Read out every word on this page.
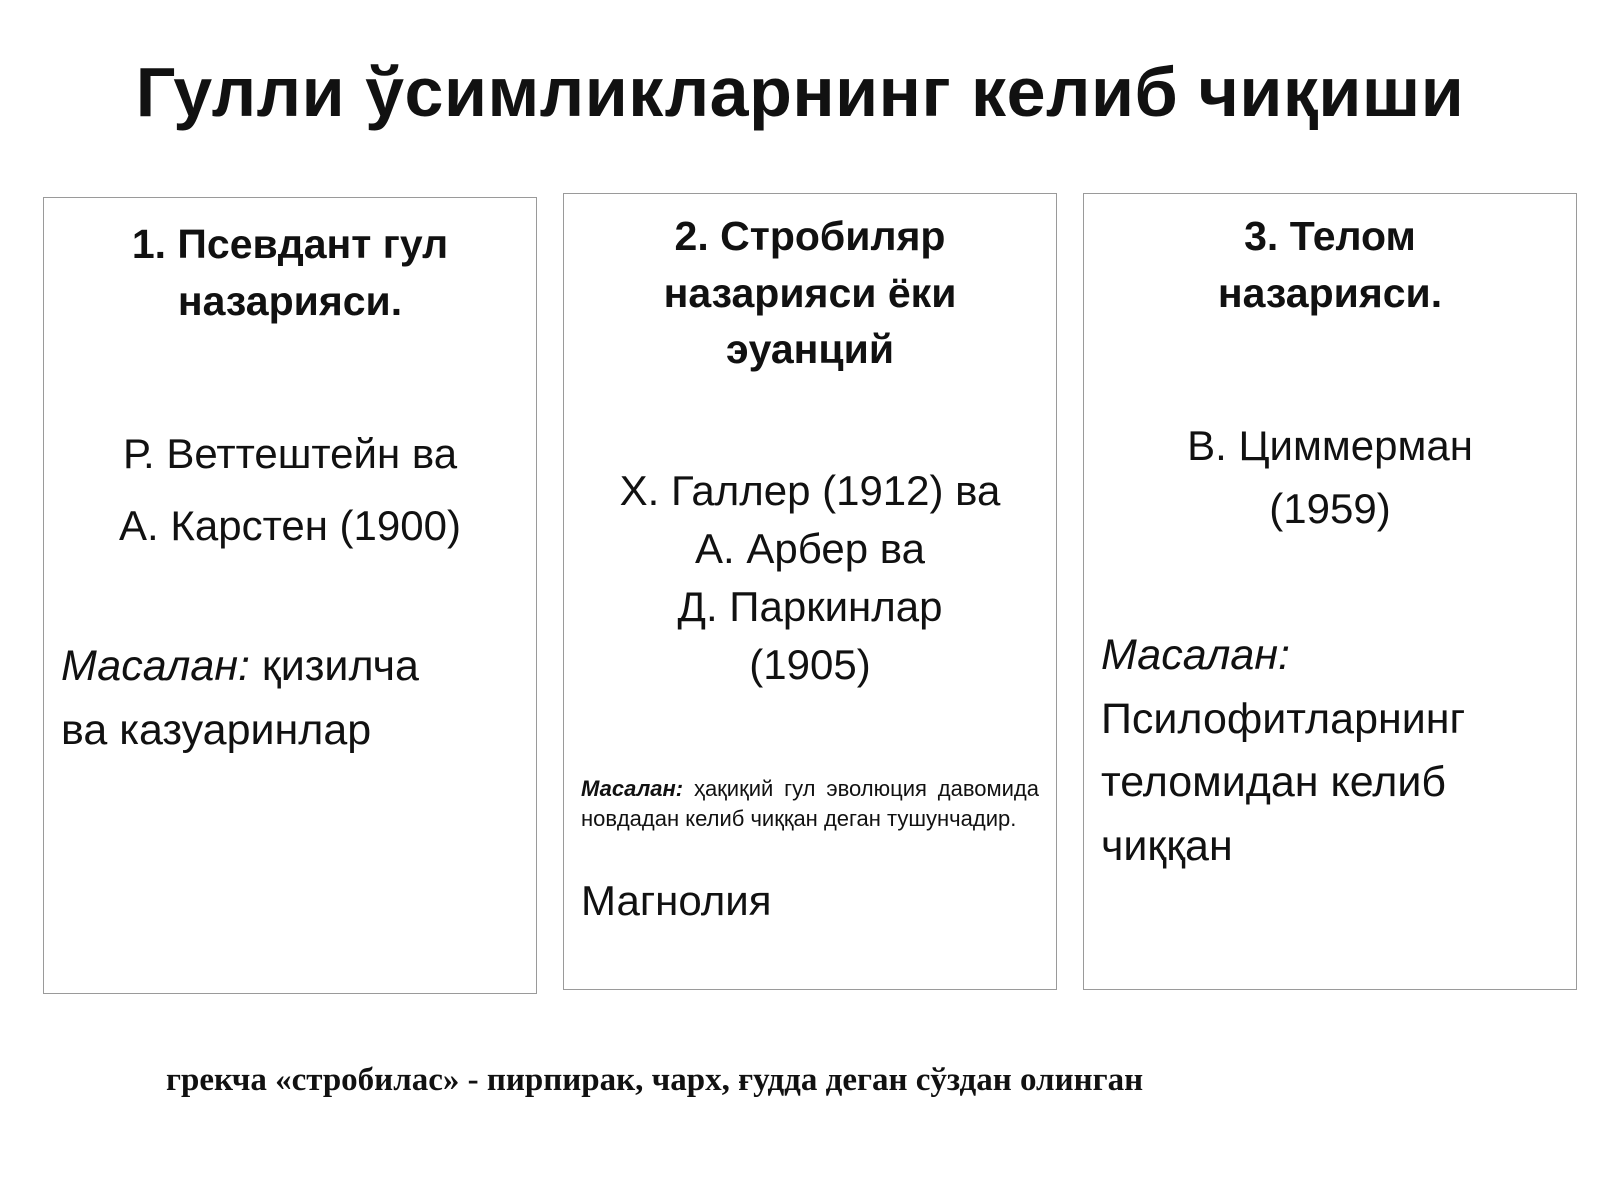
Гулли ўсимликларнинг келиб чиқиши
1. Псевдант гул
назарияси.
Р. Веттештейн ва
А. Карстен (1900)
Масалан: қизилча
ва казуаринлар
2. Стробиляр
назарияси ёки
эуанций
Х. Галлер (1912) ва
А. Арбер ва
Д. Паркинлар
(1905)
Масалан: ҳақиқий гул эволюция давомида новдадан келиб чиққан деган тушунчадир.
Магнолия
3. Телом
назарияси.
В. Циммерман
(1959)
Масалан:
Псилофитларнинг
теломидан келиб
чиққан
грекча «стробилас» - пирпирак, чарх, ғудда деган сўздан олинган
